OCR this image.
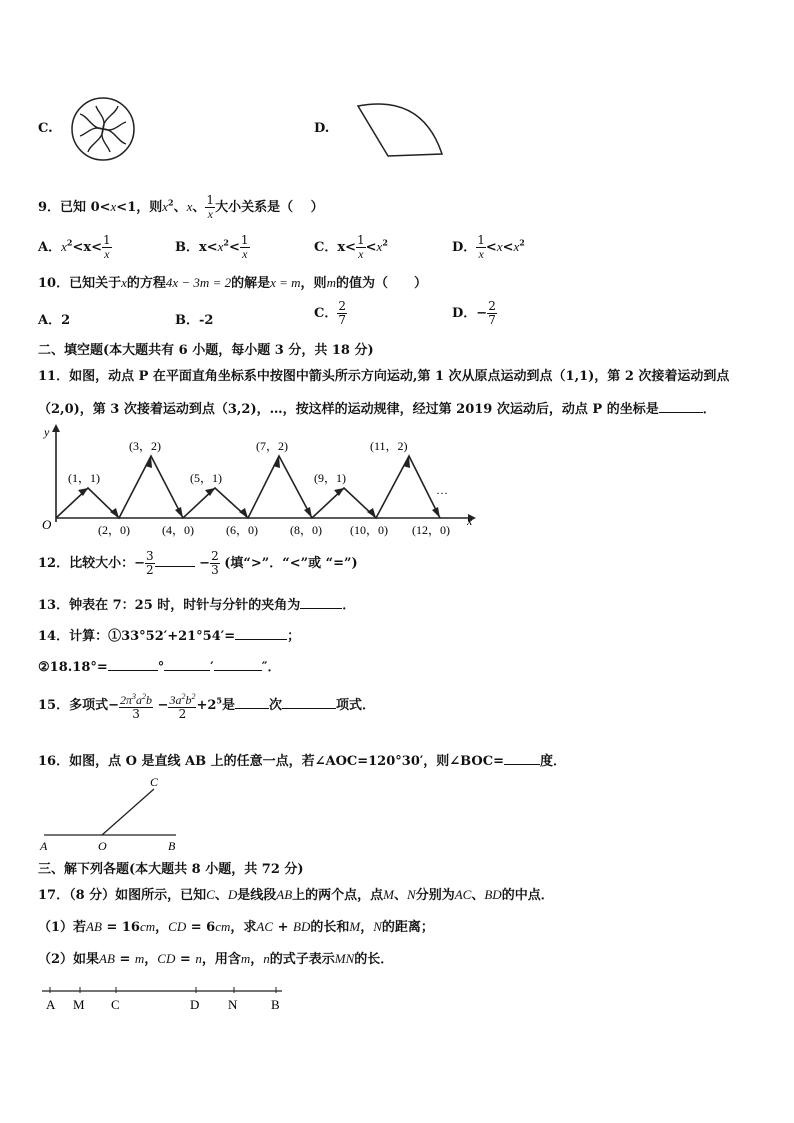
C.	D.
9．已知 0<x<1，则$x^2$、x、 $\frac{1}{x}$ 大小关系是（　 ）
A．$x^2<x< \frac{1}{x}$	B．$x<x^2< \frac{1}{x}$	C．$x< \frac{1}{x} <x^2$	D． $\frac{1}{x} <x<x^2$
10．已知关于x的方程4x − 3m = 2的解是x = m，则m的值为（　　）
A．2	B．-2	C． $\frac{2}{7}$	D．− $\frac{2}{7}$
二、填空题(本大题共有 6 小题，每小题 3 分，共 18 分)
11．如图，动点 P 在平面直角坐标系中按图中箭头所示方向运动,第 1 次从原点运动到点（1,1)，第 2 次接着运动到点
（2,0)，第 3 次接着运动到点（3,2)，…，按这样的运动规律，经过第 2019 次运动后，动点 P 的坐标是	．
y
x
O
(1，1)
(3，2)
(5，1)
(7，2)
(9，1)
(11，2)
…
(2，0)	(4，0)	(6，0)	(8，0) (10，0) (12，0)
12．比较大小：− $\frac{3}{2}$	− $\frac{2}{3}$ (填“>”．“<”或 “=”)
13．钟表在 7：25 时，时针与分针的夹角为	．
14．计算：①33°52′+21°54′=	；
②18.18°=	°	′	″．
15．多项式− $\frac{2\pi^3a^2b}{3} - \frac{3a^2b^2}{2} +2^5$是	次	项式．
16．如图，点 O 是直线 AB 上的任意一点，若∠AOC=120°30′，则∠BOC=	度．
C
A	O	B
三、解下列各题(本大题共 8 小题，共 72 分)
17．（8 分）如图所示，已知C、D是线段AB上的两个点，点M、N分别为AC、BD的中点．
（1）若AB = 16cm，CD = 6cm，求AC + BD的长和M，N的距离；
（2）如果AB = m，CD = n，用含m，n的式子表示MN的长．
A M C	D N	B
